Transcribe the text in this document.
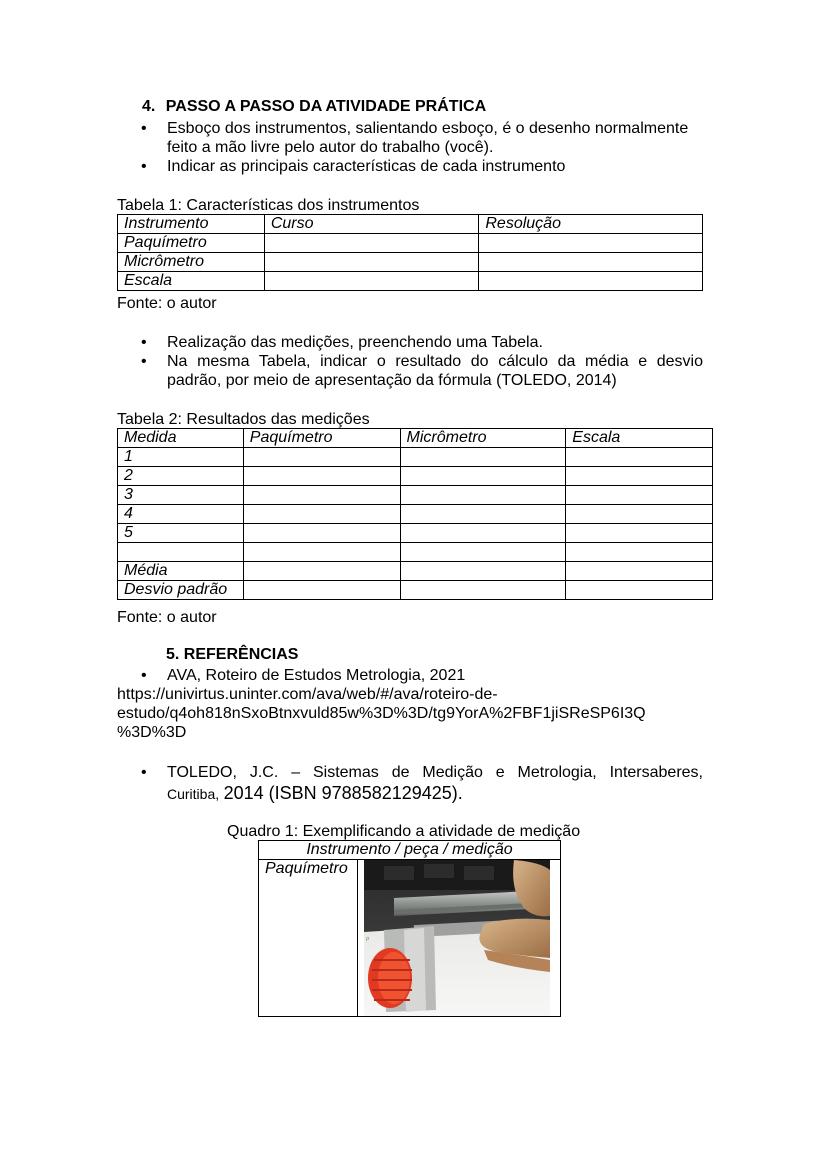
4. PASSO A PASSO DA ATIVIDADE PRÁTICA
• Esboço dos instrumentos, salientando esboço, é o desenho normalmente feito a mão livre pelo autor do trabalho (você).
• Indicar as principais características de cada instrumento
Tabela 1: Características dos instrumentos
Instrumento	Curso	Resolução
Paquímetro		
Micrômetro		
Escala		
Fonte: o autor
• Realização das medições, preenchendo uma Tabela.
• Na mesma Tabela, indicar o resultado do cálculo da média e desvio padrão, por meio de apresentação da fórmula (TOLEDO, 2014)
Tabela 2: Resultados das medições
Medida	Paquímetro	Micrômetro	Escala
1			
2			
3			
4			
5			

Média			
Desvio padrão			
Fonte: o autor
5. REFERÊNCIAS
• AVA, Roteiro de Estudos Metrologia, 2021
https://univirtus.uninter.com/ava/web/#/ava/roteiro-de-
estudo/q4oh818nSxoBtnxvuld85w%3D%3D/tg9YorA%2FBF1jiSReSP6I3Q
%3D%3D
• TOLEDO, J.C. – Sistemas de Medição e Metrologia, Intersaberes,
Curitiba, 2014 (ISBN 9788582129425).
Quadro 1: Exemplificando a atividade de medição
Instrumento / peça / medição
Paquímetro	
ᵖ
